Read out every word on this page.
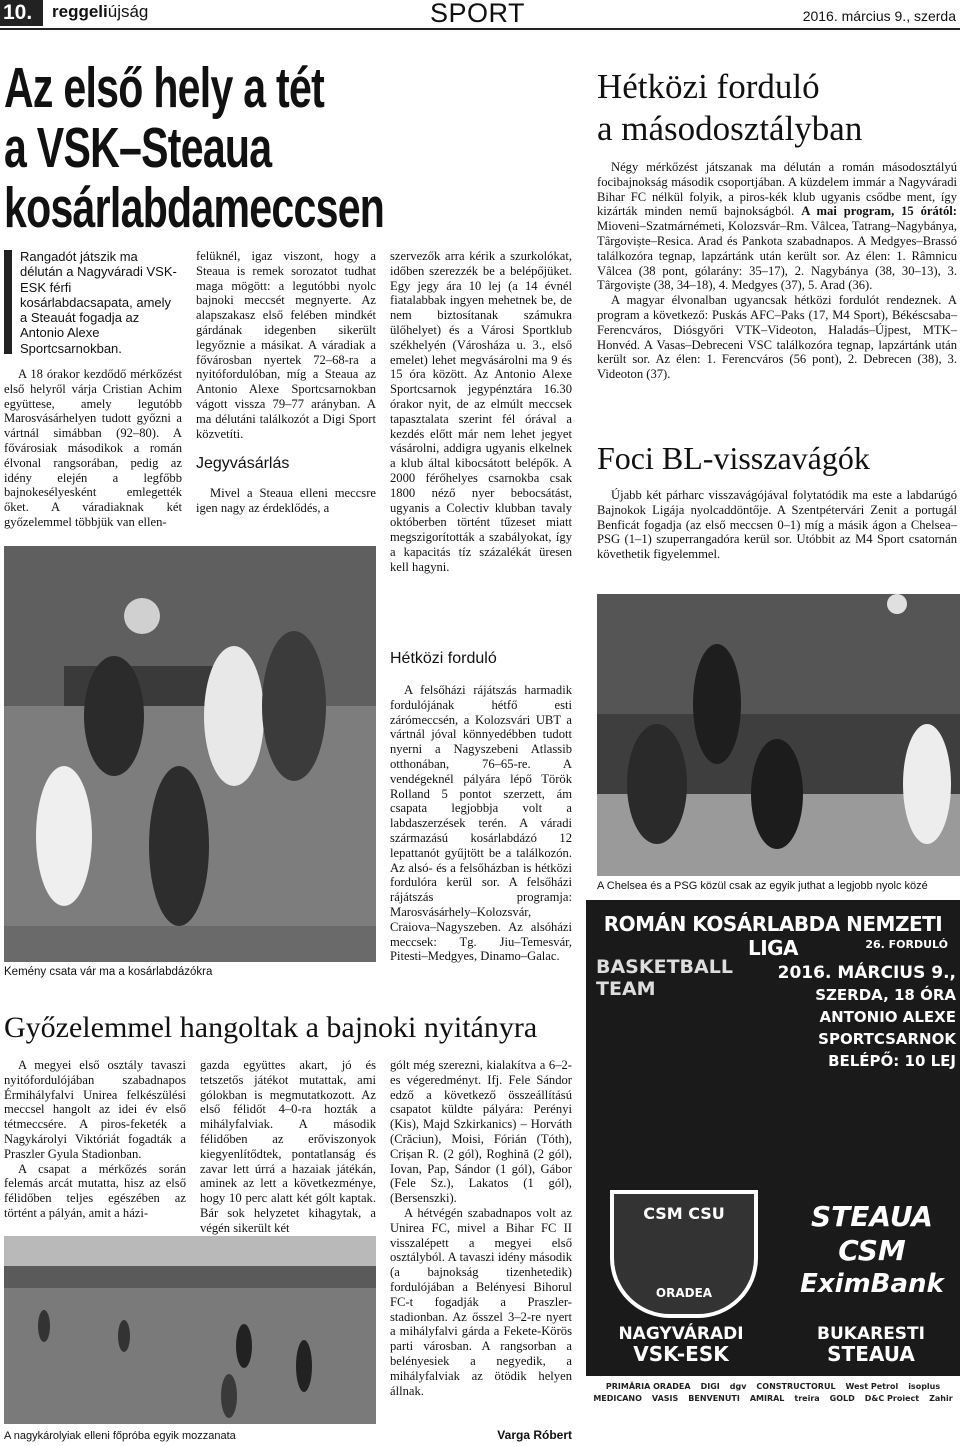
10.	reggeliújság	SPORT	2016. március 9., szerda
Az első hely a tét
a VSK–Steaua
kosárlabdameccsen
Rangadót játszik ma délután a Nagyváradi VSK-ESK férfi kosárlabdacsapata, amely a Steauát fogadja az Antonio Alexe Sportcsarnokban.

A 18 órakor kezdődő mérkőzést első helyről várja Cristian Achim együttese, amely legutóbb Marosvásárhelyen tudott győzni a vártnál simábban (92–80). A fővárosiak másodikok a román élvonal rangsorában, pedig az idény elején a legfőbb bajnokesélyesként emlegették őket. A váradiaknak két győzelemmel többjük van ellen-

felüknél, igaz viszont, hogy a Steaua is remek sorozatot tudhat maga mögött: a legutóbbi nyolc bajnoki meccsét megnyerte. Az alapszakasz első felében mindkét gárdának idegenben sikerült legyőznie a másikat. A váradiak a fővárosban nyertek 72–68-ra a nyitófordulóban, míg a Steaua az Antonio Alexe Sportcsarnokban vágott vissza 79–77 arányban. A ma délutáni találkozót a Digi Sport közvetíti.

Jegyvásárlás

Mivel a Steaua elleni meccsre igen nagy az érdeklődés, a

szervezők arra kérik a szurkolókat, időben szerezzék be a belépőjüket. Egy jegy ára 10 lej (a 14 évnél fiatalabbak ingyen mehetnek be, de nem biztosítanak számukra ülőhelyet) és a Városi Sportklub székhelyén (Városháza u. 3., első emelet) lehet megvásárolni ma 9 és 15 óra között. Az Antonio Alexe Sportcsarnok jegypénztára 16.30 órakor nyit, de az elmúlt meccsek tapasztalata szerint fél órával a kezdés előtt már nem lehet jegyet vásárolni, addigra ugyanis elkelnek a klub által kibocsátott belépők. A 2000 férőhelyes csarnokba csak 1800 néző nyer bebocsátást, ugyanis a Colectiv klubban tavaly októberben történt tűzeset miatt megszigorították a szabályokat, így a kapacitás tíz százalékát üresen kell hagyni.

Kemény csata vár ma a kosárlabdázókra
Hétközi forduló

A felsőházi rájátszás harmadik fordulójának hétfő esti zárómeccsén, a Kolozsvári UBT a vártnál jóval könnyedébben tudott nyerni a Nagyszebeni Atlassib otthonában, 76–65-re. A vendégeknél pályára lépő Török Rolland 5 pontot szerzett, ám csapata legjobbja volt a labdaszerzések terén. A váradi származású kosárlabdázó 12 lepattanót gyűjtött be a találkozón. Az alsó- és a felsőházban is hétközi fordulóra kerül sor. A felsőházi rájátszás programja: Marosvásárhely–Kolozsvár, Craiova–Nagyszeben. Az alsóházi meccsek: Tg. Jiu–Temesvár, Pitesti–Medgyes, Dinamo–Galac.

Hétközi forduló
a másodosztályban

Négy mérkőzést játszanak ma délután a román másodosztályú focibajnokság második csoportjában. A küzdelem immár a Nagyváradi Bihar FC nélkül folyik, a piros-kék klub ugyanis csődbe ment, így kizárták minden nemű bajnokságból. A mai program, 15 órától: Mioveni–Szatmárnémeti, Kolozsvár–Rm. Vâlcea, Tatrang–Nagybánya, Târgoviște–Resica. Arad és Pankota szabadnapos. A Medgyes–Brassó találkozóra tegnap, lapzártánk után került sor. Az élen: 1. Râmnicu Vâlcea (38 pont, gólarány: 35–17), 2. Nagybánya (38, 30–13), 3. Târgoviște (38, 34–18), 4. Medgyes (37), 5. Arad (36).

A magyar élvonalban ugyancsak hétközi fordulót rendeznek. A program a következő: Puskás AFC–Paks (17, M4 Sport), Békéscsaba–Ferencváros, Diósgyőri VTK–Videoton, Haladás–Újpest, MTK–Honvéd. A Vasas–Debreceni VSC találkozóra tegnap, lapzártánk után került sor. Az élen: 1. Ferencváros (56 pont), 2. Debrecen (38), 3. Videoton (37).

Foci BL-visszavágók

Újabb két párharc visszavágójával folytatódik ma este a labdarúgó Bajnokok Ligája nyolcaddöntője. A Szentpétervári Zenit a portugál Benficát fogadja (az első meccsen 0–1) míg a másik ágon a Chelsea–PSG (1–1) szuperrangadóra kerül sor. Utóbbit az M4 Sport csatornán követhetik figyelemmel.

A Chelsea és a PSG közül csak az egyik juthat a legjobb nyolc közé
ROMÁN KOSÁRLABDA NEMZETI LIGA	26. FORDULÓ
BASKETBALL
TEAM
2016. MÁRCIUS 9.,
SZERDA, 18 ÓRA
ANTONIO ALEXE SPORTCSARNOK
BELÉPŐ: 10 LEJ
CSM CSU
ORADEA
STEAUA CSM
EximBank
NAGYVÁRADI
VSK-ESK
BUKARESTI
STEAUA
PRIMĂRIA ORADEA DIGI dgv CONSTRUCTORUL West Petrol isoplus
MEDICANO VASIS BENVENUTI AMIRAL treira GOLD D&C Proiect Zahir
Győzelemmel hangoltak a bajnoki nyitányra

A megyei első osztály tavaszi nyitófordulójában szabadnapos Érmihályfalvi Unirea felkészülési meccsel hangolt az idei év első tétmeccsére. A piros-feketék a Nagykárolyi Viktóriát fogadták a Praszler Gyula Stadionban.

A csapat a mérkőzés során felemás arcát mutatta, hisz az első félidőben teljes egészében az történt a pályán, amit a házi-

gazda együttes akart, jó és tetszetős játékot mutattak, ami gólokban is megmutatkozott. Az első félidőt 4–0-ra hozták a mihályfalviak. A második félidőben az erőviszonyok kiegyenlítődtek, pontatlanság és zavar lett úrrá a hazaiak játékán, aminek az lett a következménye, hogy 10 perc alatt két gólt kaptak. Bár sok helyzetet kihagytak, a végén sikerült két

gólt még szerezni, kialakítva a 6–2-es végeredményt. Ifj. Fele Sándor edző a következő összeállítású csapatot küldte pályára: Perényi (Kis), Majd Szkirkanics) – Horváth (Crăciun), Moisi, Fórián (Tóth), Crișan R. (2 gól), Roghină (2 gól), Iovan, Pap, Sándor (1 gól), Gábor (Fele Sz.), Lakatos (1 gól), (Bersenszki).

A hétvégén szabadnapos volt az Unirea FC, mivel a Bihar FC II visszalépett a megyei első osztályból. A tavaszi idény második (a bajnokság tizenhetedik) fordulójában a Belényesi Bihorul FC-t fogadják a Praszler-stadionban. Az ősszel 3–2-re nyert a mihályfalvi gárda a Fekete-Körös parti városban. A rangsorban a belényesiek a negyedik, a mihályfalviak az ötödik helyen állnak.

Varga Róbert
A nagykárolyiak elleni főpróba egyik mozzanata
